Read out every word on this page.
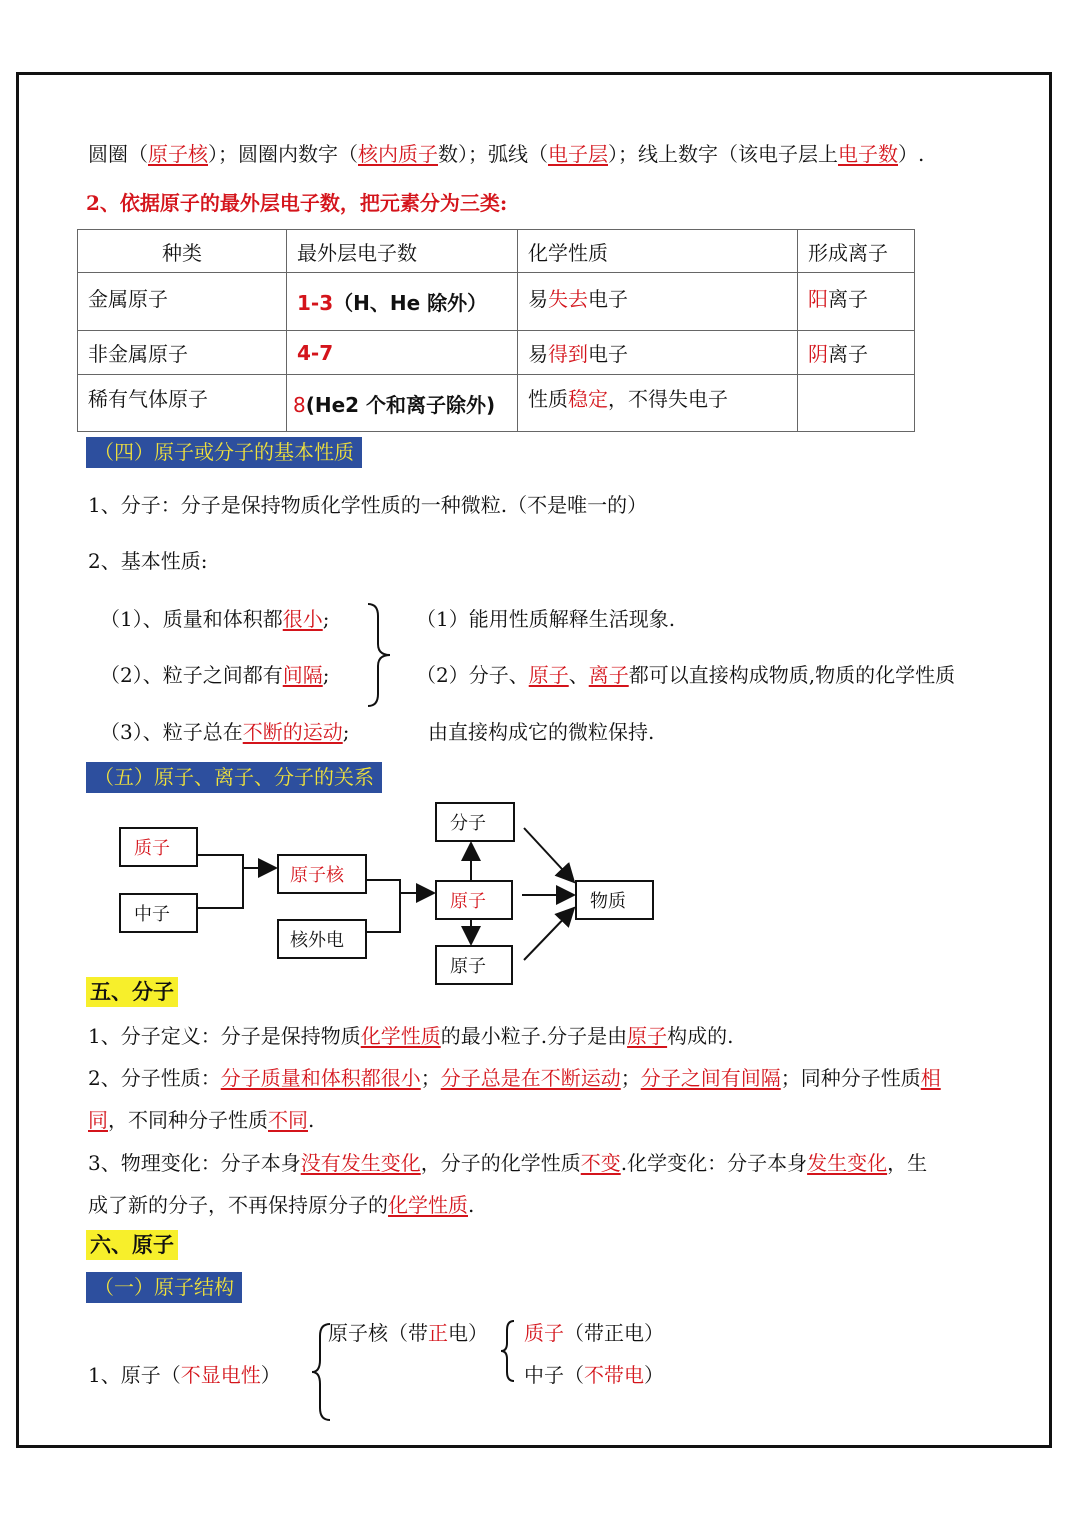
圆圈（原子核）；圆圈内数字（核内质子数）；弧线（电子层）；线上数字（该电子层上电子数）.
2、依据原子的最外层电子数，把元素分为三类:
种类	最外层电子数	化学性质	形成离子
金属原子	1-3（H、He 除外）	易失去电子	阳离子
非金属原子	4-7	易得到电子	阴离子
稀有气体原子	8(He2 个和离子除外)	性质稳定，不得失电子	
（四）原子或分子的基本性质
1、分子：分子是保持物质化学性质的一种微粒.（不是唯一的）
2、基本性质:
（1）、质量和体积都很小;
（2）、粒子之间都有间隔;
（3）、粒子总在不断的运动;
（1）能用性质解释生活现象.
（2）分子、原子、离子都可以直接构成物质,物质的化学性质
由直接构成它的微粒保持.
（五）原子、离子、分子的关系
质子
中子
原子核
核外电
分子
原子
原子
物质
五、分子
1、分子定义：分子是保持物质化学性质的最小粒子.分子是由原子构成的.
2、分子性质：分子质量和体积都很小；分子总是在不断运动；分子之间有间隔；同种分子性质相
同，不同种分子性质不同.
3、物理变化：分子本身没有发生变化，分子的化学性质不变.化学变化：分子本身发生变化，生
成了新的分子，不再保持原分子的化学性质.
六、原子
（一）原子结构
1、原子（不显电性）
原子核（带正电） 质子（带正电）
中子（不带电）
